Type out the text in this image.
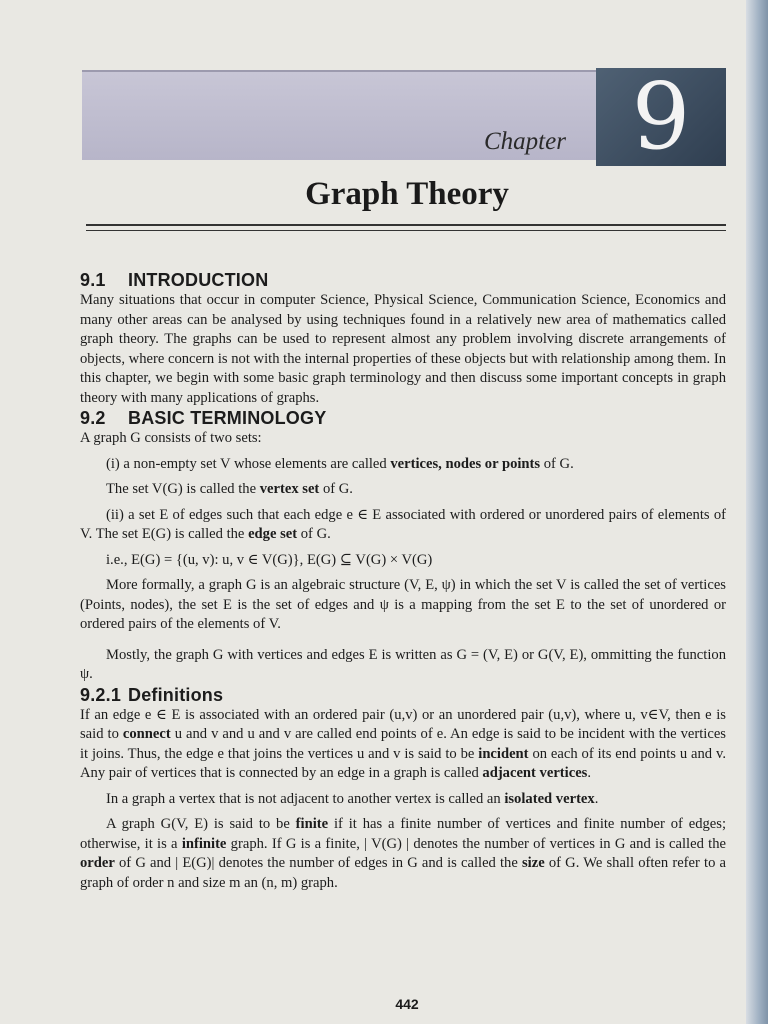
9
Chapter
Graph Theory
9.1 INTRODUCTION

Many situations that occur in computer Science, Physical Science, Communication Science, Economics and many other areas can be analysed by using techniques found in a relatively new area of mathematics called graph theory. The graphs can be used to represent almost any problem involving discrete arrangements of objects, where concern is not with the internal properties of these objects but with relationship among them. In this chapter, we begin with some basic graph terminology and then discuss some important concepts in graph theory with many applications of graphs.

9.2 BASIC TERMINOLOGY

A graph G consists of two sets:

(i) a non-empty set V whose elements are called vertices, nodes or points of G.

The set V(G) is called the vertex set of G.

(ii) a set E of edges such that each edge e ∈ E associated with ordered or unordered pairs of elements of V. The set E(G) is called the edge set of G.

i.e., E(G) = {(u, v): u, v ∈ V(G)}, E(G) ⊆ V(G) × V(G)

More formally, a graph G is an algebraic structure (V, E, ψ) in which the set V is called the set of vertices (Points, nodes), the set E is the set of edges and ψ is a mapping from the set E to the set of unordered or ordered pairs of the elements of V.

Mostly, the graph G with vertices and edges E is written as G = (V, E) or G(V, E), ommitting the function ψ.

9.2.1 Definitions

If an edge e ∈ E is associated with an ordered pair (u,v) or an unordered pair (u,v), where u, v∈V, then e is said to connect u and v and u and v are called end points of e. An edge is said to be incident with the vertices it joins. Thus, the edge e that joins the vertices u and v is said to be incident on each of its end points u and v. Any pair of vertices that is connected by an edge in a graph is called adjacent vertices.

In a graph a vertex that is not adjacent to another vertex is called an isolated vertex.

A graph G(V, E) is said to be finite if it has a finite number of vertices and finite number of edges; otherwise, it is a infinite graph. If G is a finite, | V(G) | denotes the number of vertices in G and is called the order of G and | E(G)| denotes the number of edges in G and is called the size of G. We shall often refer to a graph of order n and size m an (n, m) graph.

442
